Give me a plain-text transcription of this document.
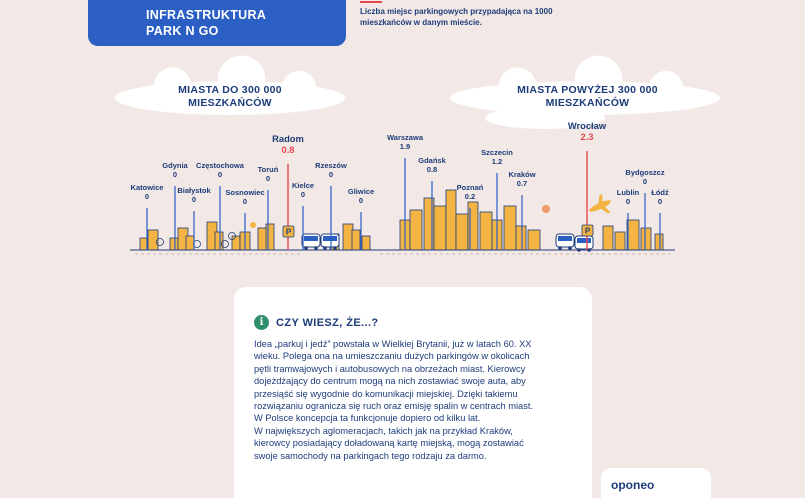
INFRASTRUKTURA
PARK N GO
Liczba miejsc parkingowych przypadająca na 1000 mieszkańców w danym mieście.
Katowice
0
Gdynia
0
Białystok
0
Częstochowa
0
Sosnowiec
0
Toruń
0
Radom
0.8
Kielce
0
Rzeszów
0
Gliwice
0
Warszawa
1.9
Gdańsk
0.8
Poznań
0.2
Szczecin
1.2
Kraków
0.7
Wrocław
2.3
Lublin
0
Bydgoszcz
0
Łódź
0
P	P
MIASTA DO 300 000
MIESZKAŃCÓW
MIASTA POWYŻEJ 300 000
MIESZKAŃCÓW
i	CZY WIESZ, ŻE...?

Idea „parkuj i jedź” powstała w Wielkiej Brytanii, już w latach 60. XX

wieku. Polega ona na umieszczaniu dużych parkingów w okolicach

pętli tramwajowych i autobusowych na obrzeżach miast. Kierowcy

dojeżdżający do centrum mogą na nich zostawiać swoje auta, aby

przesiąść się wygodnie do komunikacji miejskiej. Dzięki takiemu

rozwiązaniu ogranicza się ruch oraz emisję spalin w centrach miast.

W Polsce koncepcja ta funkcjonuje dopiero od kilku lat.

W największych aglomeracjach, takich jak na przykład Kraków,

kierowcy posiadający doładowaną kartę miejską, mogą zostawiać

swoje samochody na parkingach tego rodzaju za darmo.

oponeo
